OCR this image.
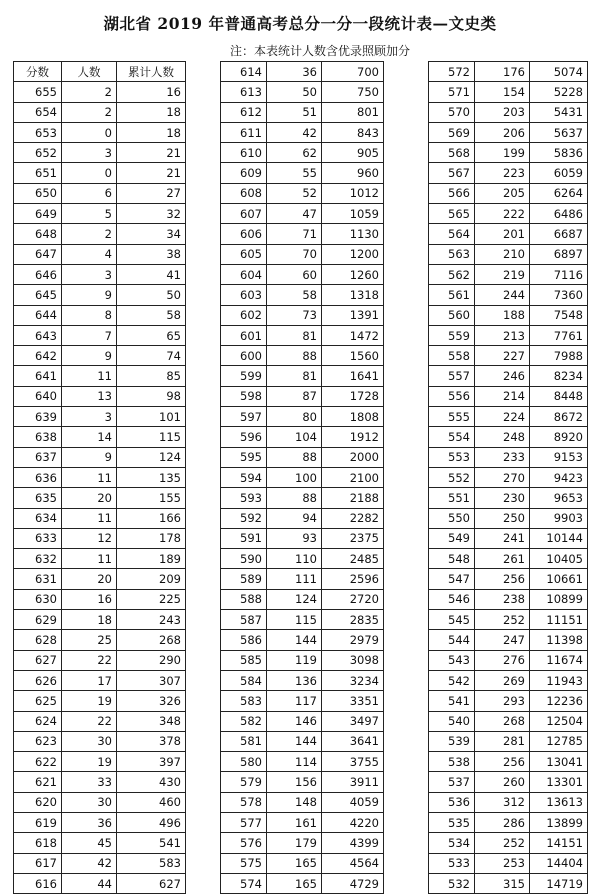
湖北省 2019 年普通高考总分一分一段统计表—文史类
注：本表统计人数含优录照顾加分
分数	人数	累计人数
655	2	16
654	2	18
653	0	18
652	3	21
651	0	21
650	6	27
649	5	32
648	2	34
647	4	38
646	3	41
645	9	50
644	8	58
643	7	65
642	9	74
641	11	85
640	13	98
639	3	101
638	14	115
637	9	124
636	11	135
635	20	155
634	11	166
633	12	178
632	11	189
631	20	209
630	16	225
629	18	243
628	25	268
627	22	290
626	17	307
625	19	326
624	22	348
623	30	378
622	19	397
621	33	430
620	30	460
619	36	496
618	45	541
617	42	583
616	44	627
614	36	700
613	50	750
612	51	801
611	42	843
610	62	905
609	55	960
608	52	1012
607	47	1059
606	71	1130
605	70	1200
604	60	1260
603	58	1318
602	73	1391
601	81	1472
600	88	1560
599	81	1641
598	87	1728
597	80	1808
596	104	1912
595	88	2000
594	100	2100
593	88	2188
592	94	2282
591	93	2375
590	110	2485
589	111	2596
588	124	2720
587	115	2835
586	144	2979
585	119	3098
584	136	3234
583	117	3351
582	146	3497
581	144	3641
580	114	3755
579	156	3911
578	148	4059
577	161	4220
576	179	4399
575	165	4564
574	165	4729
572	176	5074
571	154	5228
570	203	5431
569	206	5637
568	199	5836
567	223	6059
566	205	6264
565	222	6486
564	201	6687
563	210	6897
562	219	7116
561	244	7360
560	188	7548
559	213	7761
558	227	7988
557	246	8234
556	214	8448
555	224	8672
554	248	8920
553	233	9153
552	270	9423
551	230	9653
550	250	9903
549	241	10144
548	261	10405
547	256	10661
546	238	10899
545	252	11151
544	247	11398
543	276	11674
542	269	11943
541	293	12236
540	268	12504
539	281	12785
538	256	13041
537	260	13301
536	312	13613
535	286	13899
534	252	14151
533	253	14404
532	315	14719
